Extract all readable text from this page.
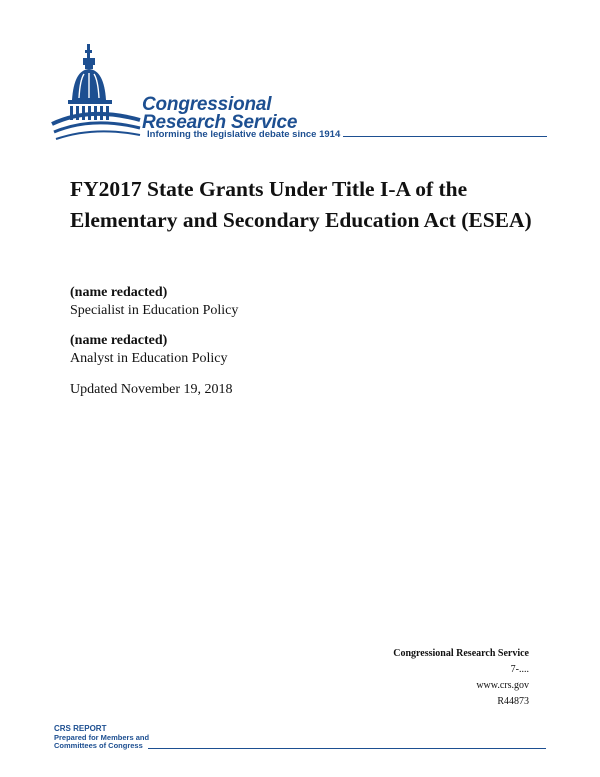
Congressional
Research Service
Informing the legislative debate since 1914
FY2017 State Grants Under Title I-A of the Elementary and Secondary Education Act (ESEA)
(name redacted)
Specialist in Education Policy
(name redacted)
Analyst in Education Policy
Updated November 19, 2018
Congressional Research Service
7-....
www.crs.gov
R44873
CRS REPORT
Prepared for Members and
Committees of Congress
